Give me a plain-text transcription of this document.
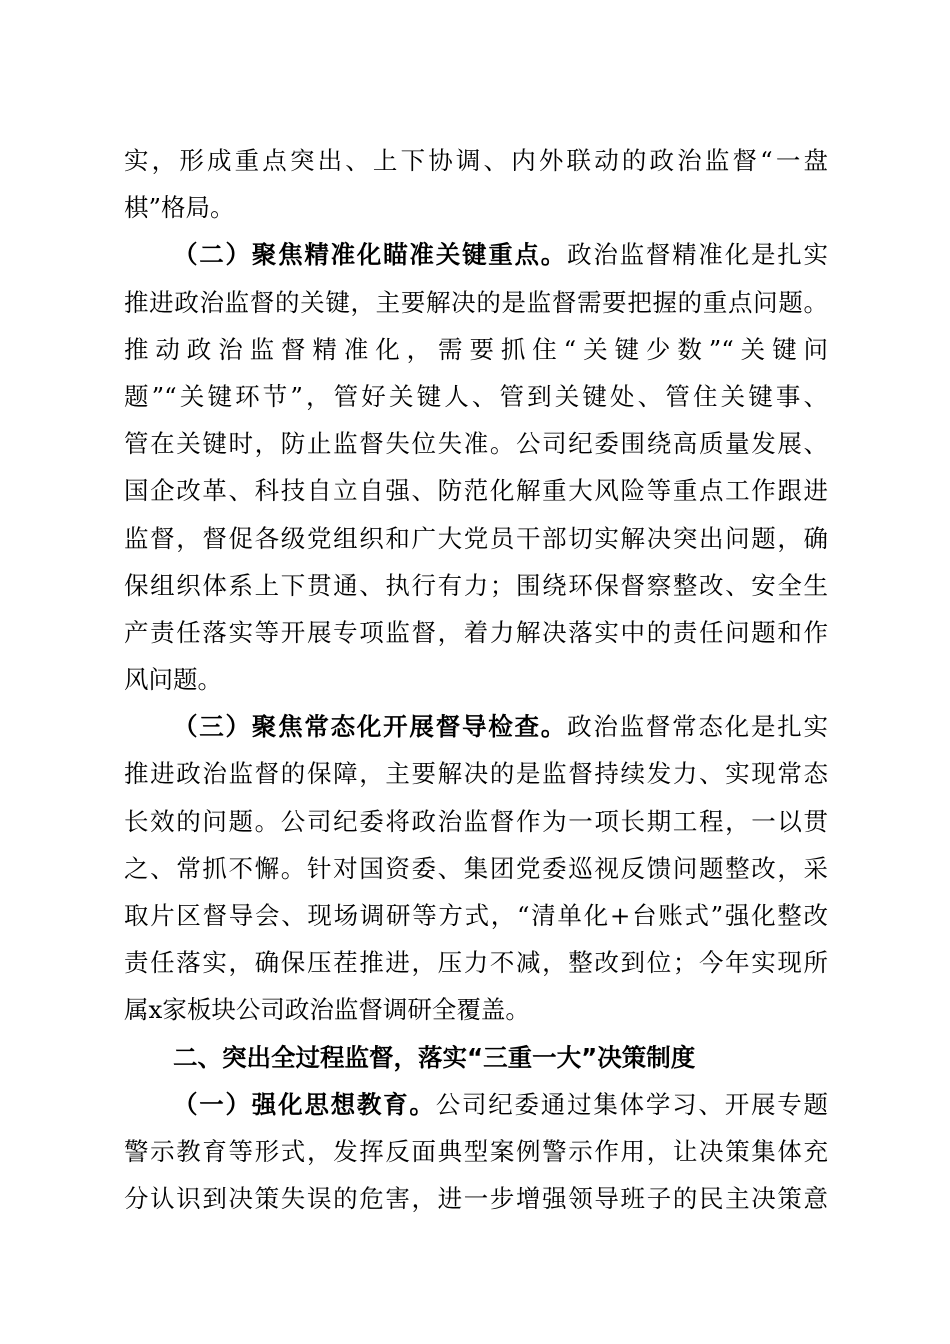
实，形成重点突出、上下协调、内外联动的政治监督“一盘
棋”格局。
（二）聚焦精准化瞄准关键重点。政治监督精准化是扎实
推进政治监督的关键，主要解决的是监督需要把握的重点问题。
推动政治监督精准化，需要抓住“关键少数”“关键问
题”“关键环节”，管好关键人、管到关键处、管住关键事、
管在关键时，防止监督失位失准。公司纪委围绕高质量发展、
国企改革、科技自立自强、防范化解重大风险等重点工作跟进
监督，督促各级党组织和广大党员干部切实解决突出问题，确
保组织体系上下贯通、执行有力；围绕环保督察整改、安全生
产责任落实等开展专项监督，着力解决落实中的责任问题和作
风问题。
（三）聚焦常态化开展督导检查。政治监督常态化是扎实
推进政治监督的保障，主要解决的是监督持续发力、实现常态
长效的问题。公司纪委将政治监督作为一项长期工程，一以贯
之、常抓不懈。针对国资委、集团党委巡视反馈问题整改，采
取片区督导会、现场调研等方式，“清单化+台账式”强化整改
责任落实，确保压茬推进，压力不减，整改到位；今年实现所
属x家板块公司政治监督调研全覆盖。
二、突出全过程监督，落实“三重一大”决策制度
（一）强化思想教育。公司纪委通过集体学习、开展专题
警示教育等形式，发挥反面典型案例警示作用，让决策集体充
分认识到决策失误的危害，进一步增强领导班子的民主决策意
